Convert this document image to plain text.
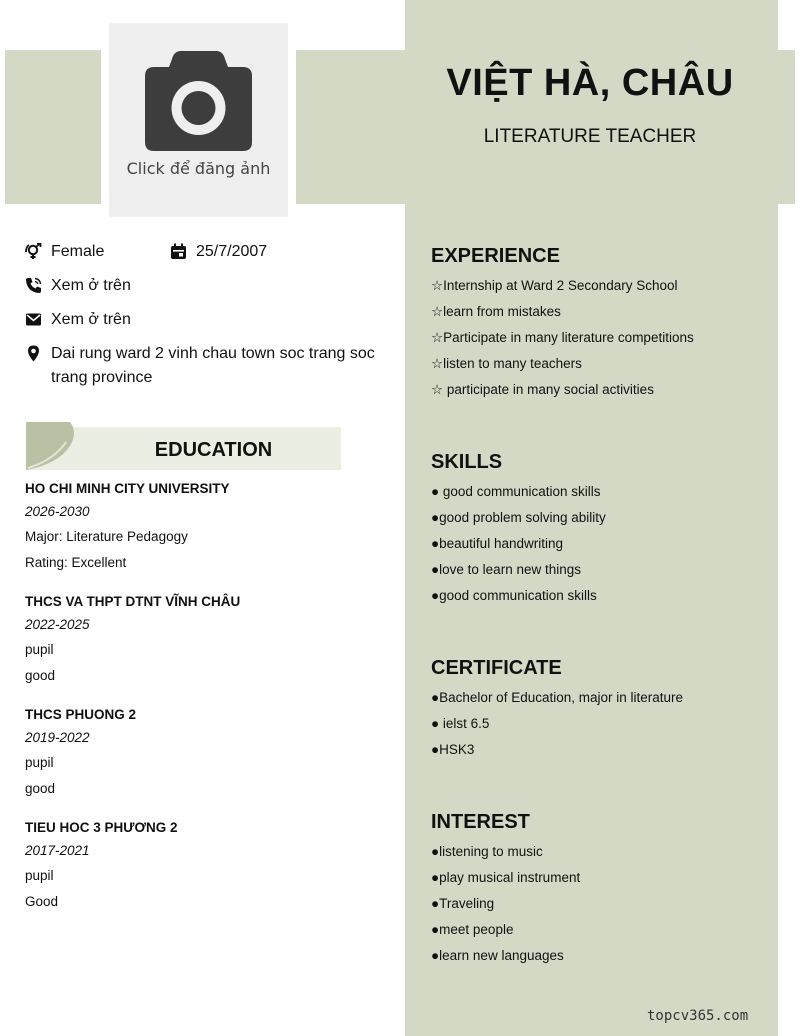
Click để đăng ảnh
VIỆT HÀ, CHÂU
LITERATURE TEACHER
Female	25/7/2007
Xem ở trên
Xem ở trên
Dai rung ward 2 vinh chau town soc trang soc trang province
EDUCATION
HO CHI MINH CITY UNIVERSITY
2026-2030
Major: Literature Pedagogy
Rating: Excellent
THCS VA THPT DTNT VĨNH CHÂU
2022-2025
pupil
good
THCS PHUONG 2
2019-2022
pupil
good
TIEU HOC 3 PHƯƠNG 2
2017-2021
pupil
Good
EXPERIENCE
☆Internship at Ward 2 Secondary School
☆learn from mistakes
☆Participate in many literature competitions
☆listen to many teachers
☆ participate in many social activities
SKILLS
● good communication skills
●good problem solving ability
●beautiful handwriting
●love to learn new things
●good communication skills
CERTIFICATE
●Bachelor of Education, major in literature
● ielst 6.5
●HSK3
INTEREST
●listening to music
●play musical instrument
●Traveling
●meet people
●learn new languages
topcv365.com
